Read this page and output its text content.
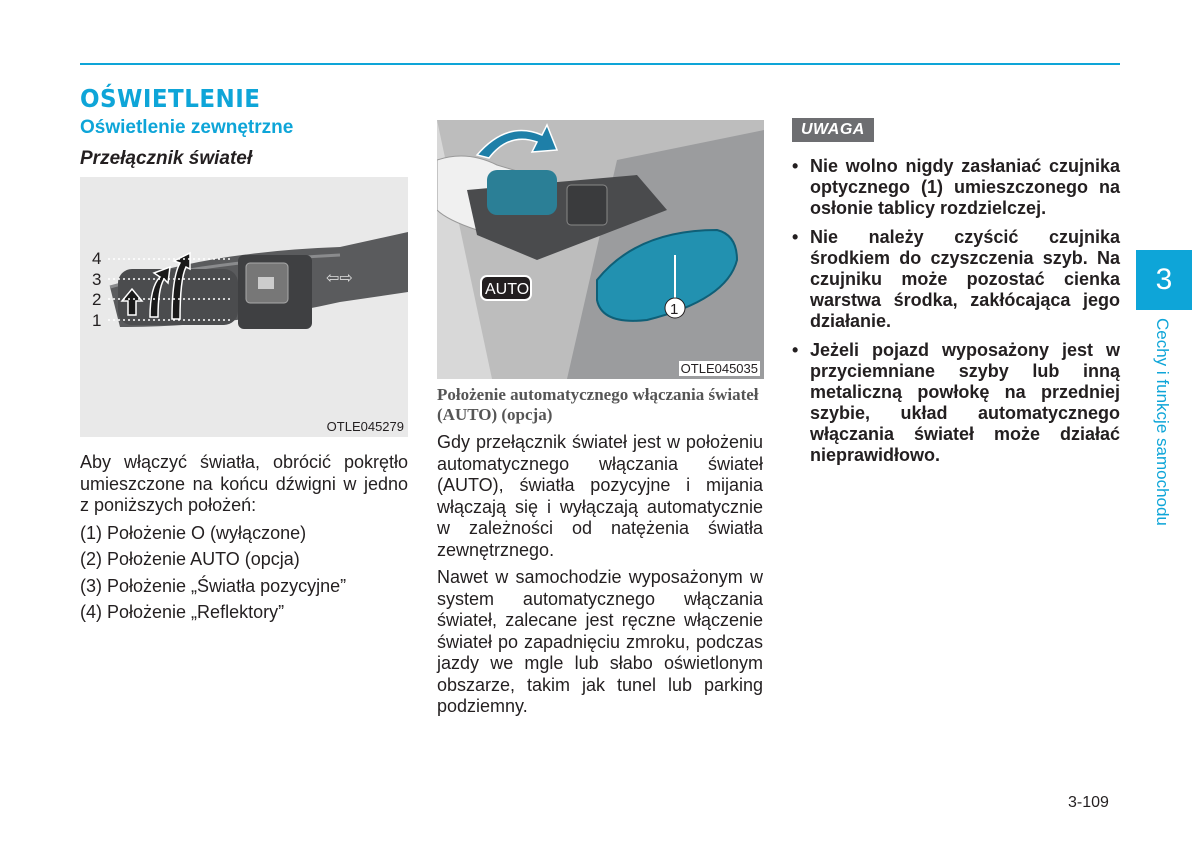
OŚWIETLENIE
Oświetlenie zewnętrzne
Przełącznik świateł
4
3
2
1
⇦⇨
OTLE045279

Aby włączyć światła, obrócić pokrętło umieszczone na końcu dźwigni w jedno z poniższych położeń:

(1) Położenie O (wyłączone)
(2) Położenie AUTO (opcja)
(3) Położenie „Światła pozycyjne”
(4) Położenie „Reflektory”
1
AUTO
OTLE045035
Położenie automatycznego włączania świateł (AUTO) (opcja)

Gdy przełącznik świateł jest w położeniu automatycznego włączania świateł (AUTO), światła pozycyjne i mijania włączają się i wyłączają automatycznie w zależności od natężenia światła zewnętrznego.

Nawet w samochodzie wyposażonym w system automatycznego włączania świateł, zalecane jest ręczne włączenie świateł po zapadnięciu zmroku, podczas jazdy we mgle lub słabo oświetlonym obszarze, takim jak tunel lub parking podziemny.

UWAGA
• Nie wolno nigdy zasłaniać czujnika optycznego (1) umieszczonego na osłonie tablicy rozdzielczej.
• Nie należy czyścić czujnika środkiem do czyszczenia szyb. Na czujniku może pozostać cienka warstwa środka, zakłócająca jego działanie.
• Jeżeli pojazd wyposażony jest w przyciemniane szyby lub inną metaliczną powłokę na przedniej szybie, układ automatycznego włączania świateł może działać nieprawidłowo.
3
Cechy i funkcje samochodu
3-109
